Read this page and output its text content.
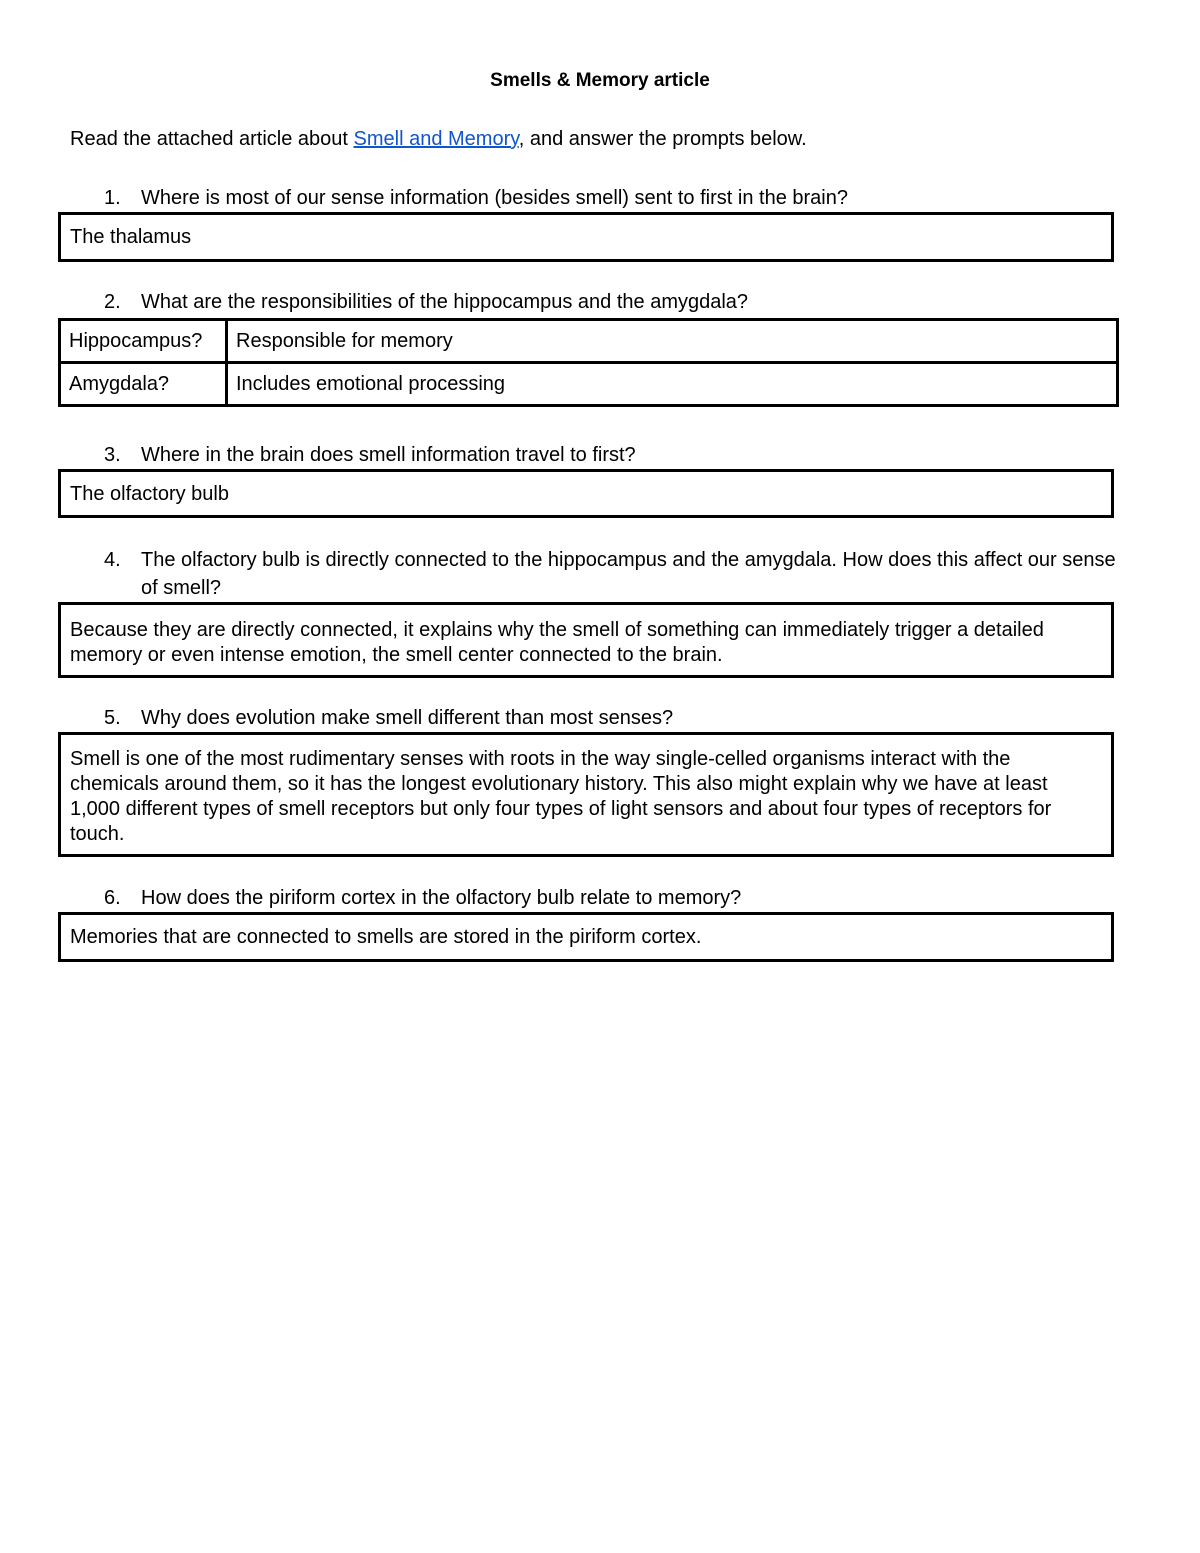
Smells & Memory article
Read the attached article about Smell and Memory, and answer the prompts below.
1. Where is most of our sense information (besides smell) sent to first in the brain?
The thalamus
2. What are the responsibilities of the hippocampus and the amygdala?
Hippocampus?	Responsible for memory
Amygdala?	Includes emotional processing
3. Where in the brain does smell information travel to first?
The olfactory bulb
4. The olfactory bulb is directly connected to the hippocampus and the amygdala. How does this affect our sense of smell?
Because they are directly connected, it explains why the smell of something can immediately trigger a detailed memory or even intense emotion, the smell center connected to the brain.
5. Why does evolution make smell different than most senses?
Smell is one of the most rudimentary senses with roots in the way single-celled organisms interact with the chemicals around them, so it has the longest evolutionary history. This also might explain why we have at least 1,000 different types of smell receptors but only four types of light sensors and about four types of receptors for touch.
6. How does the piriform cortex in the olfactory bulb relate to memory?
Memories that are connected to smells are stored in the piriform cortex.
